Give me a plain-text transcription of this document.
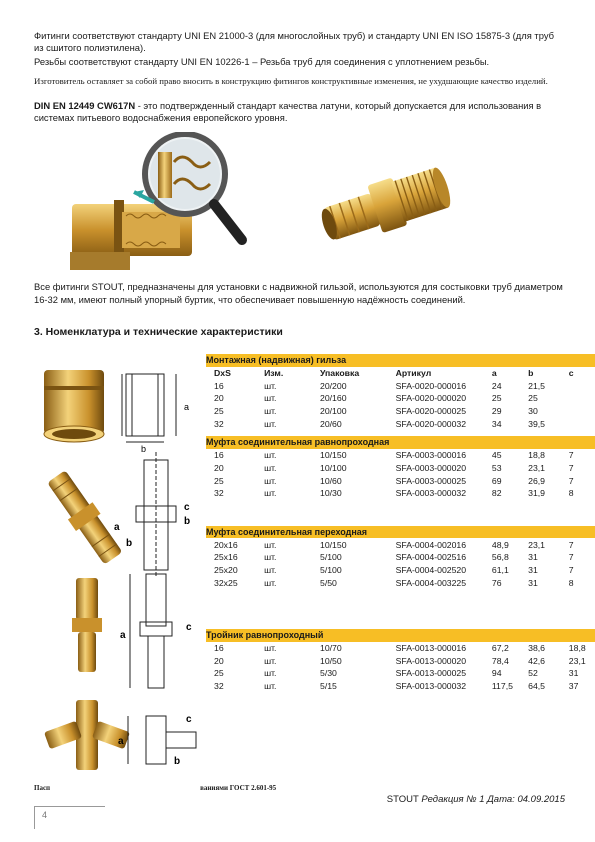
Фитинги соответствуют стандарту UNI EN 21000-3 (для многослойных труб) и стандарту UNI EN ISO 15875-3 (для труб из сшитого полиэтилена).
Резьбы соответствуют стандарту UNI EN 10226-1 – Резьба труб для соединения с уплотнением резьбы.
Изготовитель оставляет за собой право вносить в конструкцию фитингов конструктивные изменения, не ухудшающие качество изделий.
DIN EN 12449 CW617N - это подтвержденный стандарт качества латуни, который допускается для использования в системах питьевого водоснабжения европейского уровня.
Все фитинги STOUT, предназначены для установки с надвижной гильзой, используются для состыковки труб диаметром 16-32 мм, имеют полный упорный буртик, что обеспечивает повышенную надёжность соединений.
3. Номенклатура и технические характеристики
b
a
c
b
a
b
a
c
a
c
b
Монтажная (надвижная) гильза						
DxS	Изм.	Упаковка	Артикул	a	b	c
16	шт.	20/200	SFA-0020-000016	24	21,5	
20	шт.	20/160	SFA-0020-000020	25	25	
25	шт.	20/100	SFA-0020-000025	29	30	
32	шт.	20/60	SFA-0020-000032	34	39,5	

Муфта соединительная равнопроходная						
16	шт.	10/150	SFA-0003-000016	45	18,8	7
20	шт.	10/100	SFA-0003-000020	53	23,1	7
25	шт.	10/60	SFA-0003-000025	69	26,9	7
32	шт.	10/30	SFA-0003-000032	82	31,9	8

Муфта соединительная переходная						
20x16	шт.	10/150	SFA-0004-002016	48,9	23,1	7
25x16	шт.	5/100	SFA-0004-002516	56,8	31	7
25x20	шт.	5/100	SFA-0004-002520	61,1	31	7
32x25	шт.	5/50	SFA-0004-003225	76	31	8

Тройник равнопроходный						
16	шт.	10/70	SFA-0013-000016	67,2	38,6	18,8
20	шт.	10/50	SFA-0013-000020	78,4	42,6	23,1
25	шт.	5/30	SFA-0013-000025	94	52	31
32	шт.	5/15	SFA-0013-000032	117,5	64,5	37
Пасп	ваниями ГОСТ 2.601-95
STOUT Редакция № 1 Дата: 04.09.2015
4
